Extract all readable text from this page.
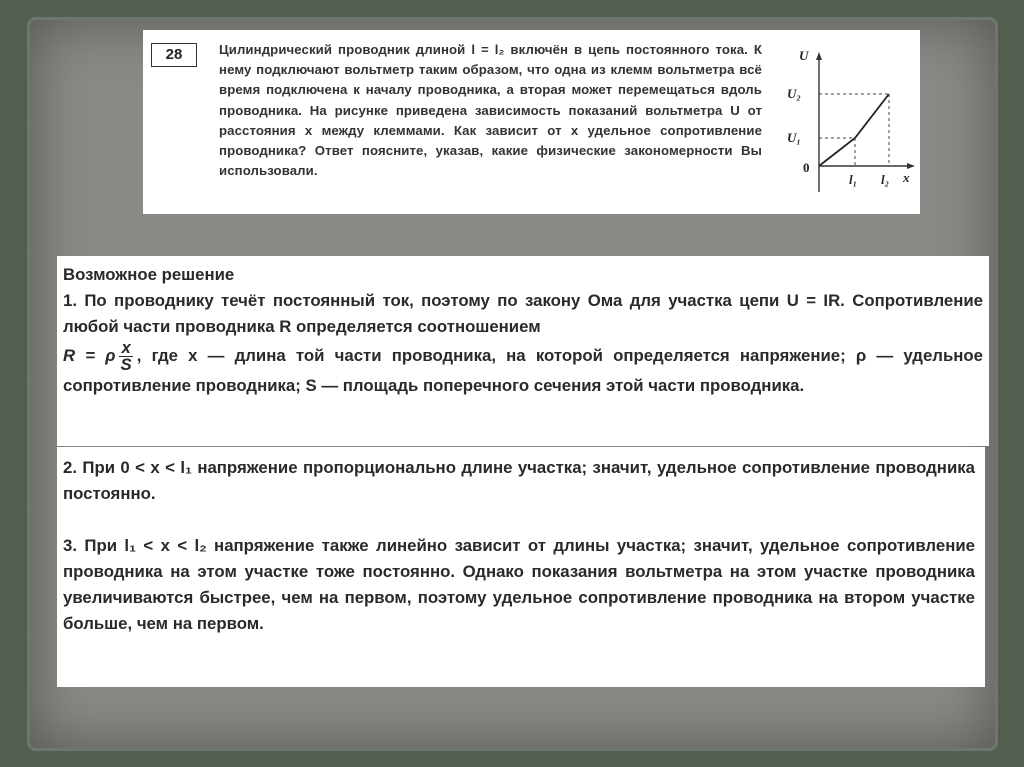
28	Цилиндрический проводник длиной l = l₂ включён в цепь постоянного тока. К нему подключают вольтметр таким образом, что одна из клемм вольтметра всё время подключена к началу проводника, а вторая может перемещаться вдоль проводника. На рисунке приведена зависимость показаний вольтметра U от расстояния x между клеммами. Как зависит от x удельное сопротивление проводника? Ответ поясните, указав, какие физические закономерности Вы использовали.
U
U₂
U₁
0
l₁ l₂ x

Возможное решение

1. По проводнику течёт постоянный ток, поэтому по закону Ома для участка цепи U = IR. Сопротивление любой части проводника R определяется соотношением
R = ρ $\frac{x}{S}$ , где x — длина той части проводника, на которой определяется напряжение; ρ — удельное сопротивление проводника; S — площадь поперечного сечения этой части проводника.

2. При 0 < x < l₁ напряжение пропорционально длине участка; значит, удельное сопротивление проводника постоянно.

3. При l₁ < x < l₂ напряжение также линейно зависит от длины участка; значит, удельное сопротивление проводника на этом участке тоже постоянно. Однако показания вольтметра на этом участке проводника увеличиваются быстрее, чем на первом, поэтому удельное сопротивление проводника на втором участке больше, чем на первом.
